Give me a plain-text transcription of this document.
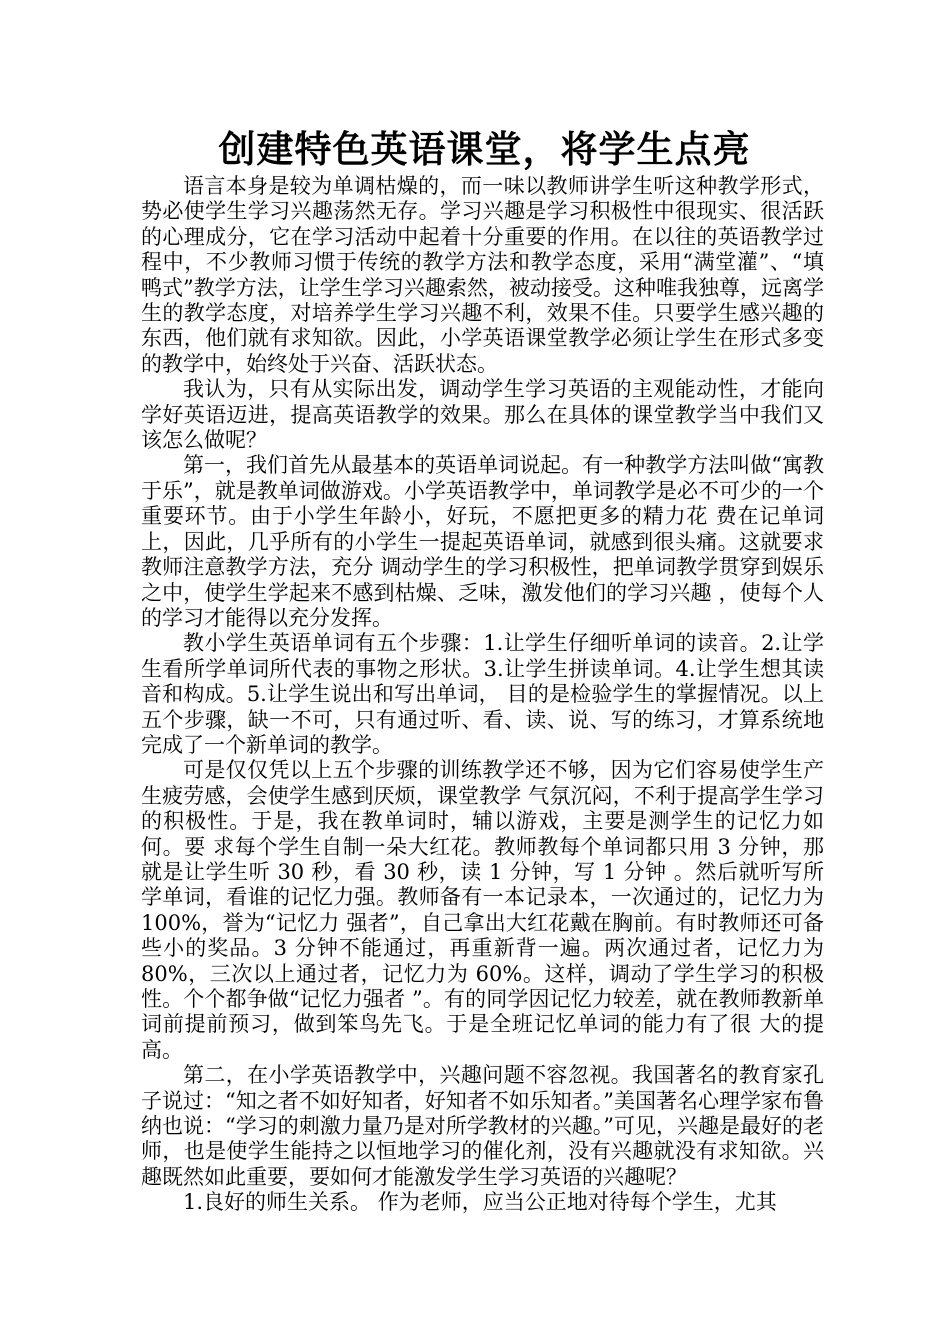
创建特色英语课堂，将学生点亮

语言本身是较为单调枯燥的，而一味以教师讲学生听这种教学形式，势必使学生学习兴趣荡然无存。学习兴趣是学习积极性中很现实、很活跃的心理成分，它在学习活动中起着十分重要的作用。在以往的英语教学过程中，不少教师习惯于传统的教学方法和教学态度，采用“满堂灌”、“填鸭式”教学方法，让学生学习兴趣索然，被动接受。这种唯我独尊，远离学生的教学态度，对培养学生学习兴趣不利，效果不佳。只要学生感兴趣的东西，他们就有求知欲。因此，小学英语课堂教学必须让学生在形式多变的教学中，始终处于兴奋、活跃状态。

我认为，只有从实际出发，调动学生学习英语的主观能动性，才能向学好英语迈进，提高英语教学的效果。那么在具体的课堂教学当中我们又该怎么做呢？

第一，我们首先从最基本的英语单词说起。有一种教学方法叫做“寓教于乐”，就是教单词做游戏。小学英语教学中，单词教学是必不可少的一个重要环节。由于小学生年龄小，好玩，不愿把更多的精力花 费在记单词上，因此，几乎所有的小学生一提起英语单词，就感到很头痛。这就要求教师注意教学方法，充分 调动学生的学习积极性，把单词教学贯穿到娱乐之中，使学生学起来不感到枯燥、乏味，激发他们的学习兴趣 ，使每个人的学习才能得以充分发挥。

教小学生英语单词有五个步骤：1.让学生仔细听单词的读音。2.让学生看所学单词所代表的事物之形状。3.让学生拼读单词。4.让学生想其读音和构成。5.让学生说出和写出单词， 目的是检验学生的掌握情况。以上五个步骤，缺一不可，只有通过听、看、读、说、写的练习，才算系统地完成了一个新单词的教学。

可是仅仅凭以上五个步骤的训练教学还不够，因为它们容易使学生产生疲劳感，会使学生感到厌烦，课堂教学 气氛沉闷，不利于提高学生学习的积极性。于是，我在教单词时，辅以游戏，主要是测学生的记忆力如何。要 求每个学生自制一朵大红花。教师教每个单词都只用 3 分钟，那就是让学生听 30 秒，看 30 秒，读 1 分钟，写 1 分钟 。然后就听写所学单词，看谁的记忆力强。教师备有一本记录本，一次通过的，记忆力为 100%，誉为“记忆力 强者”，自己拿出大红花戴在胸前。有时教师还可备些小的奖品。3 分钟不能通过，再重新背一遍。两次通过者，记忆力为 80%，三次以上通过者，记忆力为 60%。这样，调动了学生学习的积极性。个个都争做“记忆力强者 ”。有的同学因记忆力较差，就在教师教新单词前提前预习，做到笨鸟先飞。于是全班记忆单词的能力有了很 大的提高。

第二，在小学英语教学中，兴趣问题不容忽视。我国著名的教育家孔子说过：“知之者不如好知者，好知者不如乐知者。”美国著名心理学家布鲁纳也说：“学习的刺激力量乃是对所学教材的兴趣。”可见，兴趣是最好的老师，也是使学生能持之以恒地学习的催化剂，没有兴趣就没有求知欲。兴趣既然如此重要，要如何才能激发学生学习英语的兴趣呢？

1.良好的师生关系。 作为老师，应当公正地对待每个学生，尤其
